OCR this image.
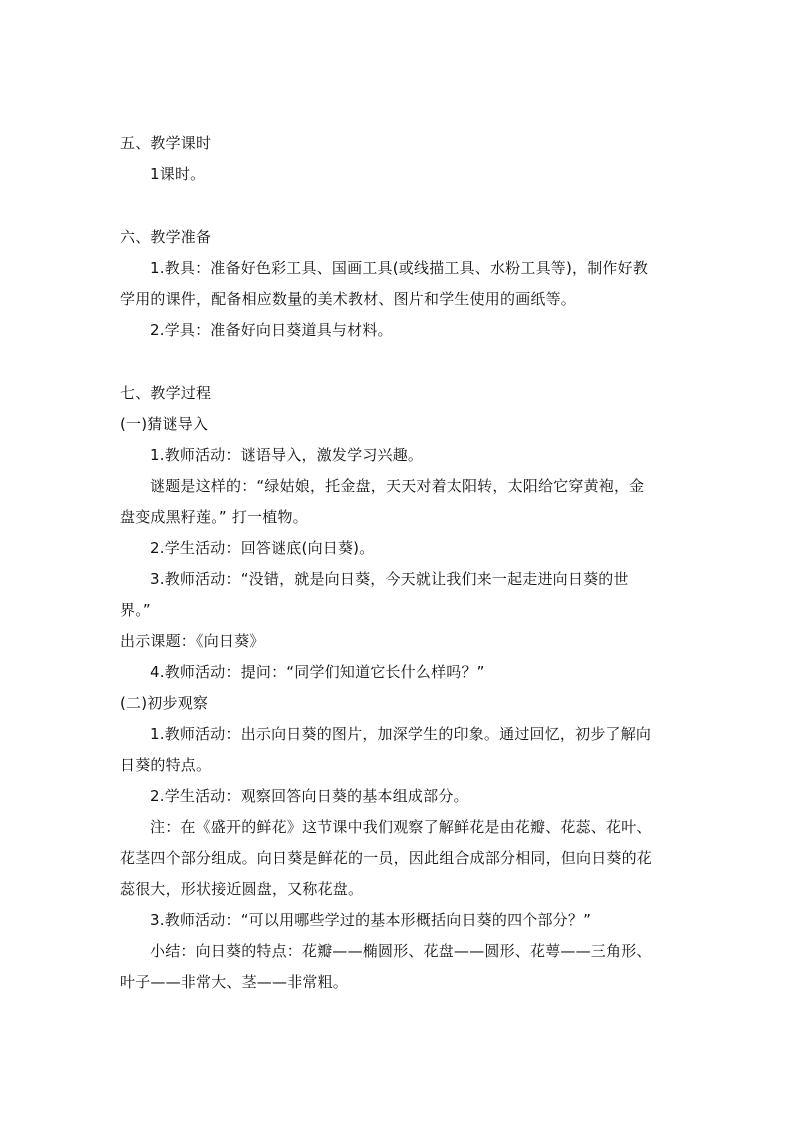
五、教学课时
1课时。
六、教学准备
1.教具：准备好色彩工具、国画工具(或线描工具、水粉工具等)，制作好教
学用的课件，配备相应数量的美术教材、图片和学生使用的画纸等。
2.学具：准备好向日葵道具与材料。
七、教学过程
(一)猜谜导入
1.教师活动：谜语导入，激发学习兴趣。
谜题是这样的：“绿姑娘，托金盘，天天对着太阳转，太阳给它穿黄袍，金
盘变成黑籽莲。” 打一植物。
2.学生活动：回答谜底(向日葵)。
3.教师活动：“没错，就是向日葵，今天就让我们来一起走进向日葵的世
界。”
出示课题：《向日葵》
4.教师活动：提问：“同学们知道它长什么样吗？”
(二)初步观察
1.教师活动：出示向日葵的图片，加深学生的印象。通过回忆，初步了解向
日葵的特点。
2.学生活动：观察回答向日葵的基本组成部分。
注：在《盛开的鲜花》这节课中我们观察了解鲜花是由花瓣、花蕊、花叶、
花茎四个部分组成。向日葵是鲜花的一员，因此组合成部分相同，但向日葵的花
蕊很大，形状接近圆盘，又称花盘。
3.教师活动：“可以用哪些学过的基本形概括向日葵的四个部分？”
小结：向日葵的特点：花瓣——椭圆形、花盘——圆形、花萼——三角形、
叶子——非常大、茎——非常粗。
